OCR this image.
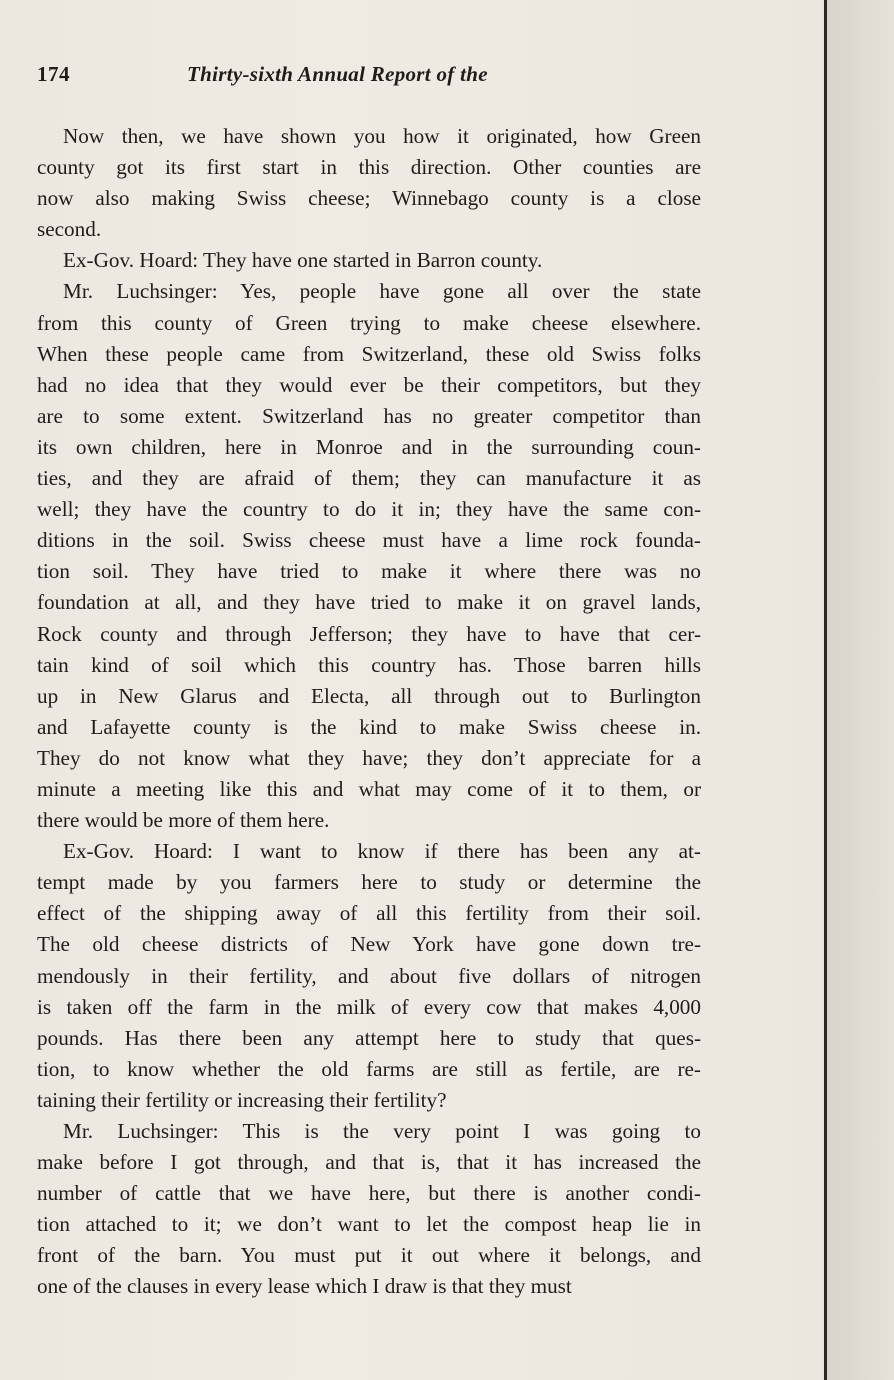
174	Thirty-sixth Annual Report of the
Now then, we have shown you how it originated, how Green
county got its first start in this direction. Other counties are
now also making Swiss cheese; Winnebago county is a close
second.
Ex-Gov. Hoard: They have one started in Barron county.
Mr. Luchsinger: Yes, people have gone all over the state
from this county of Green trying to make cheese elsewhere.
When these people came from Switzerland, these old Swiss folks
had no idea that they would ever be their competitors, but they
are to some extent. Switzerland has no greater competitor than
its own children, here in Monroe and in the surrounding coun-
ties, and they are afraid of them; they can manufacture it as
well; they have the country to do it in; they have the same con-
ditions in the soil. Swiss cheese must have a lime rock founda-
tion soil. They have tried to make it where there was no
foundation at all, and they have tried to make it on gravel lands,
Rock county and through Jefferson; they have to have that cer-
tain kind of soil which this country has. Those barren hills
up in New Glarus and Electa, all through out to Burlington
and Lafayette county is the kind to make Swiss cheese in.
They do not know what they have; they don’t appreciate for a
minute a meeting like this and what may come of it to them, or
there would be more of them here.
Ex-Gov. Hoard: I want to know if there has been any at-
tempt made by you farmers here to study or determine the
effect of the shipping away of all this fertility from their soil.
The old cheese districts of New York have gone down tre-
mendously in their fertility, and about five dollars of nitrogen
is taken off the farm in the milk of every cow that makes 4,000
pounds. Has there been any attempt here to study that ques-
tion, to know whether the old farms are still as fertile, are re-
taining their fertility or increasing their fertility?
Mr. Luchsinger: This is the very point I was going to
make before I got through, and that is, that it has increased the
number of cattle that we have here, but there is another condi-
tion attached to it; we don’t want to let the compost heap lie in
front of the barn. You must put it out where it belongs, and
one of the clauses in every lease which I draw is that they must
